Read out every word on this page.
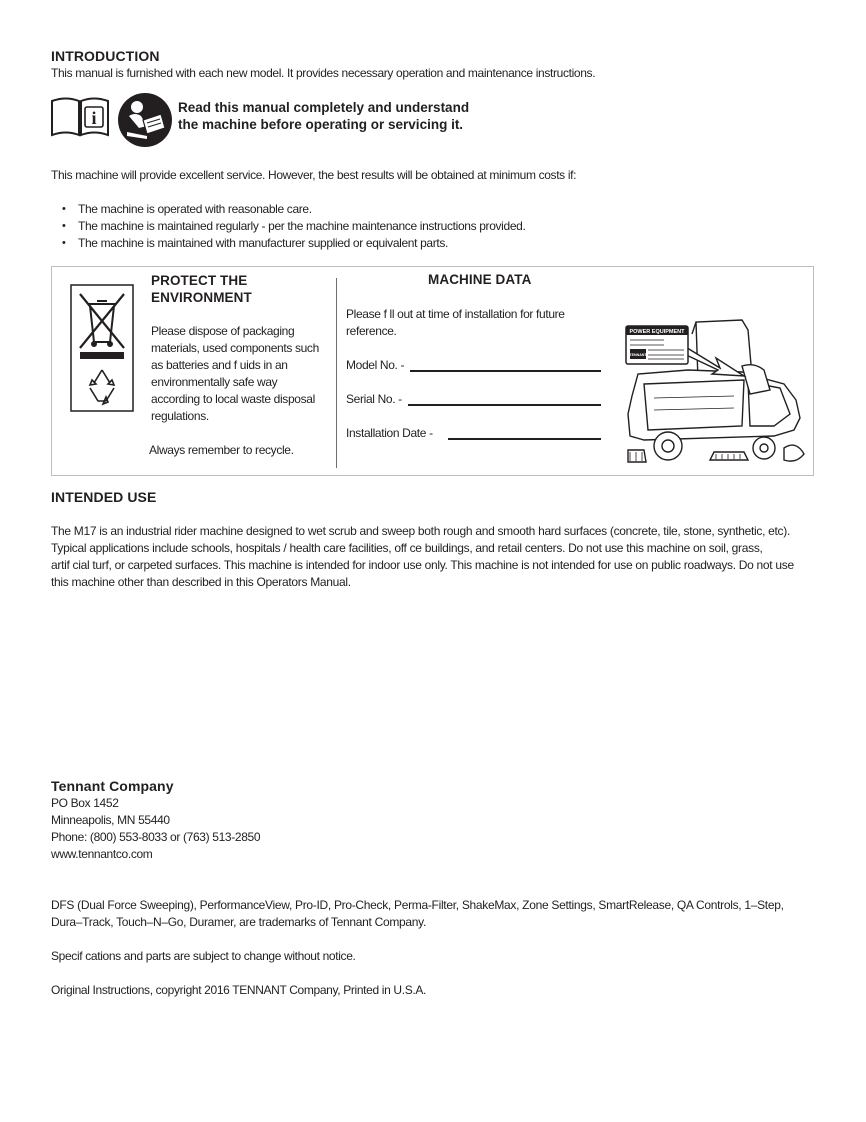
INTRODUCTION
This manual is furnished with each new model. It provides necessary operation and maintenance instructions.
i
Read this manual completely and understand
the machine before operating or servicing it.
This machine will provide excellent service. However, the best results will be obtained at minimum costs if:
• The machine is operated with reasonable care.
• The machine is maintained regularly - per the machine maintenance instructions provided.
• The machine is maintained with manufacturer supplied or equivalent parts.
PROTECT THE
ENVIRONMENT
Please dispose of packaging
materials, used components such
as batteries and f uids in an
environmentally safe way
according to local waste disposal
regulations.
Always remember to recycle.
MACHINE DATA
Please f ll out at time of installation for future
reference.
Model No. -
Serial No. -
Installation Date -
POWER EQUIPMENT
TENNANT
INTENDED USE
The M17 is an industrial rider machine designed to wet scrub and sweep both rough and smooth hard surfaces (concrete, tile, stone, synthetic, etc).
Typical applications include schools, hospitals / health care facilities, off ce buildings, and retail centers. Do not use this machine on soil, grass,
artif cial turf, or carpeted surfaces. This machine is intended for indoor use only. This machine is not intended for use on public roadways. Do not use
this machine other than described in this Operators Manual.
Tennant Company
PO Box 1452
Minneapolis, MN 55440
Phone: (800) 553-8033 or (763) 513-2850
www.tennantco.com
DFS (Dual Force Sweeping), PerformanceView, Pro-ID, Pro-Check, Perma-Filter, ShakeMax, Zone Settings, SmartRelease, QA Controls, 1–Step,
Dura–Track, Touch–N–Go, Duramer, are trademarks of Tennant Company.
Specif cations and parts are subject to change without notice.
Original Instructions, copyright 2016 TENNANT Company, Printed in U.S.A.
